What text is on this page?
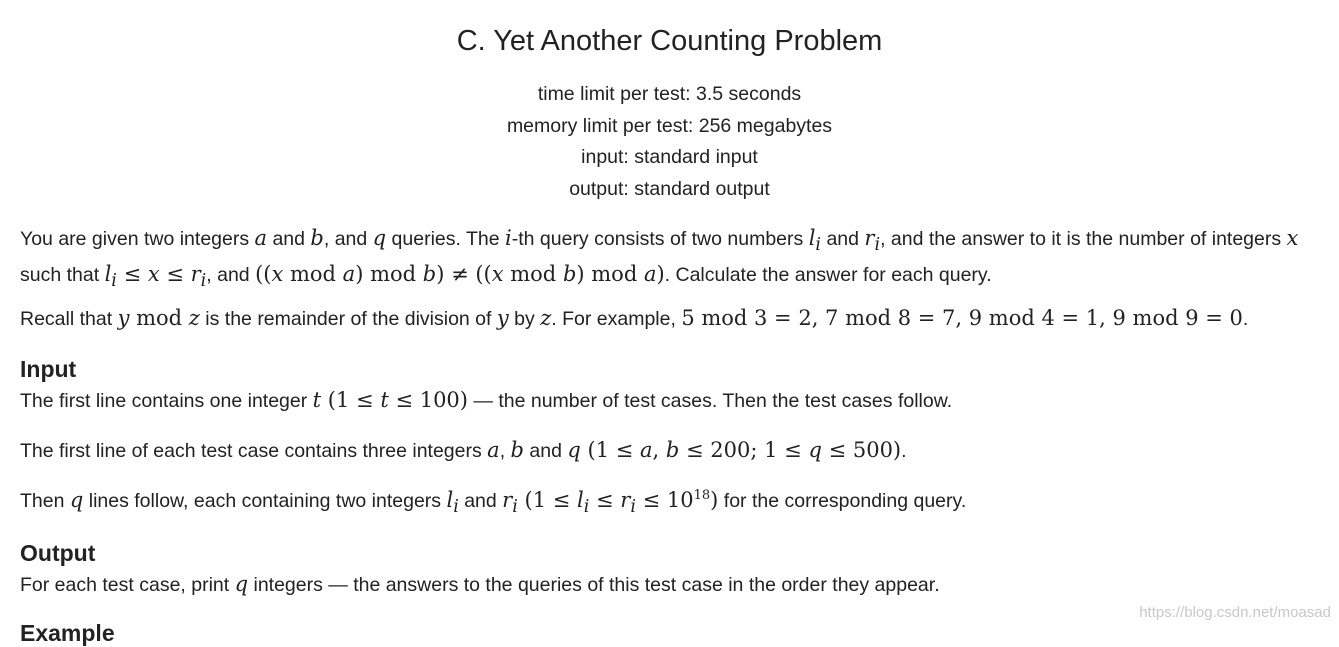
C. Yet Another Counting Problem
time limit per test: 3.5 seconds
memory limit per test: 256 megabytes
input: standard input
output: standard output
You are given two integers a and b, and q queries. The i-th query consists of two numbers $l_i$ and $r_i$, and the answer to it is the number of integers x such that $l_i \le x \le r_i$, and ((x mod a) mod b) ≠ ((x mod b) mod a). Calculate the answer for each query.
Recall that y mod z is the remainder of the division of y by z. For example, 5 mod 3 = 2, 7 mod 8 = 7, 9 mod 4 = 1, 9 mod 9 = 0.
Input
The first line contains one integer t (1 ≤ t ≤ 100) — the number of test cases. Then the test cases follow.
The first line of each test case contains three integers a, b and q (1 ≤ a, b ≤ 200; 1 ≤ q ≤ 500).
Then q lines follow, each containing two integers $l_i$ and $r_i$ $(1 \le l_i \le r_i \le 10^{18})$ for the corresponding query.
Output
For each test case, print q integers — the answers to the queries of this test case in the order they appear.
Example
https://blog.csdn.net/moasad
